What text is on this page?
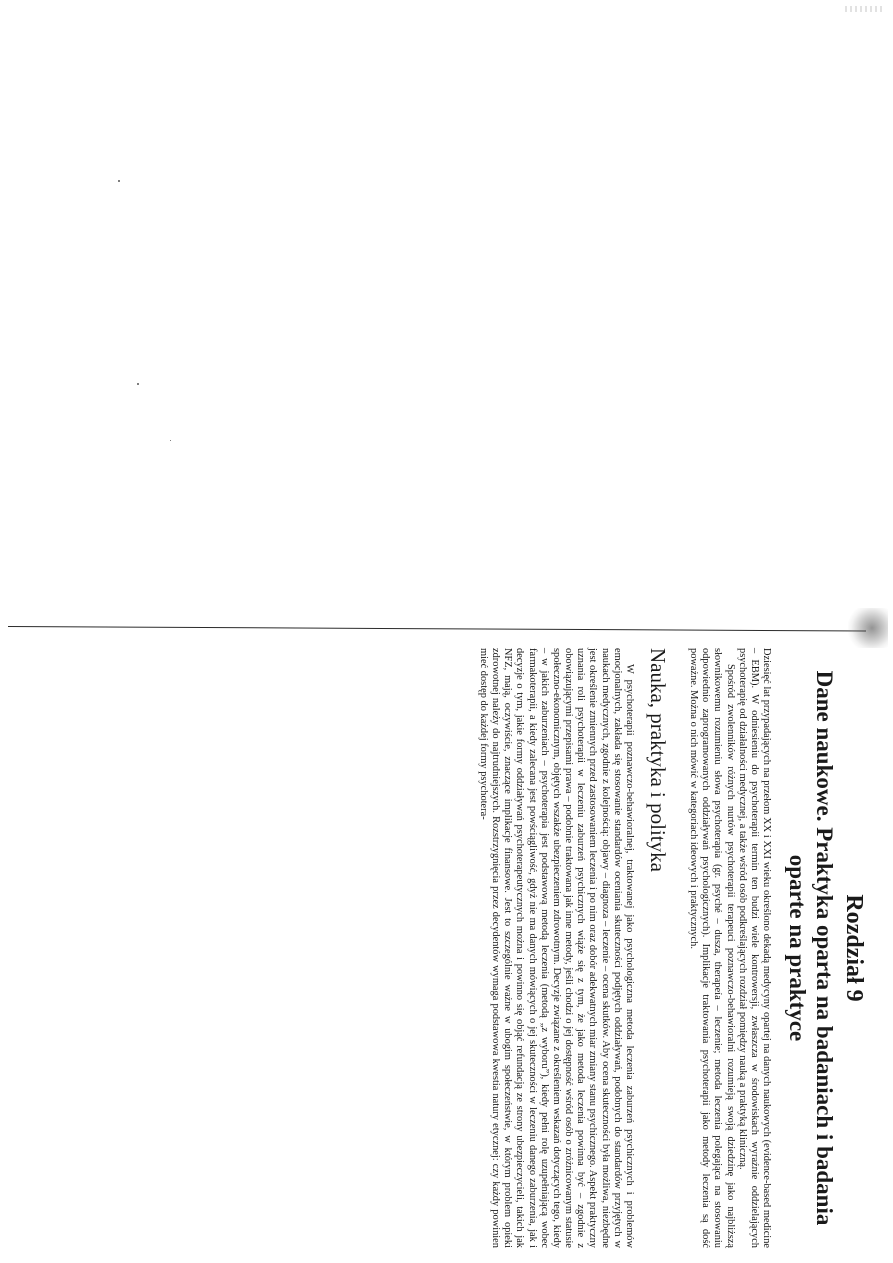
Rozdział 9
Dane naukowe. Praktyka oparta na badaniach i badania oparte na praktyce

Dziesięć lat przypadających na przełom XX i XXI wieku określono dekadą medycyny opartej na danych naukowych (evidence-based medicine – EBM). W odniesieniu do psychoterapii termin ten budzi wiele kontrowersji, zwłaszcza w środowiskach wyraźnie oddzielających psychoterapię od działalności medycznej, a także wśród osób podkreślających rozdział pomiędzy nauką a praktyką kliniczną.

Spośród zwolenników różnych nurtów psychoterapii terapeuci poznawczo-behawioralni rozumieją swoją dziedzinę jako najbliższą słownikowemu rozumieniu słowa psychoterapia (gr. psyché – dusza, therapeía – leczenie; metoda leczenia polegająca na stosowaniu odpowiednio zaprogramowanych oddziaływań psychologicznych). Implikacje traktowania psychoterapii jako metody leczenia są dość poważne. Można o nich mówić w kategoriach ideowych i praktycznych.

Nauka, praktyka i polityka

W psychoterapii poznawczo-behawioralnej, traktowanej jako psychologiczna metoda leczenia zaburzeń psychicznych i problemów emocjonalnych, zakłada się stosowanie standardów oceniania skuteczności podjętych oddziaływań, podobnych do standardów przyjętych w naukach medycznych, zgodnie z kolejnością: objawy – diagnoza – leczenie – ocena skutków. Aby ocena skuteczności była możliwa, niezbędne jest określenie zmiennych przed zastosowaniem leczenia i po nim oraz dobór adekwatnych miar zmiany stanu psychicznego. Aspekt praktyczny uznania roli psychoterapii w leczeniu zaburzeń psychicznych wiąże się z tym, że jako metoda leczenia powinna być – zgodnie z obowiązującymi przepisami prawa – podobnie traktowana jak inne metody, jeśli chodzi o jej dostępność wśród osób o zróżnicowanym statusie społeczno-ekonomicznym, objętych wszakże ubezpieczeniem zdrowotnym. Decyzje związane z określeniem wskazań dotyczących tego, kiedy – w jakich zaburzeniach – psychoterapia jest podstawową metodą leczenia (metodą „z wyboru”), kiedy pełni rolę uzupełniającą wobec farmakoterapii, a kiedy zalecana jest powściągliwość, gdyż nie ma danych mówiących o jej skuteczności w leczeniu danego zaburzenia, jak i decyzje o tym, jakie formy oddziaływań psychoterapeutycznych można i powinno się objąć refundacją ze strony ubezpieczycieli, takich jak NFZ, mają, oczywiście, znaczące implikacje finansowe. Jest to szczególnie ważne w ubogim społeczeństwie, w którym problem opieki zdrowotnej należy do najtrudniejszych. Rozstrzygnięcia przez decydentów wymaga podstawowa kwestia natury etycznej: czy każdy powinien mieć dostęp do każdej formy psychotera-
